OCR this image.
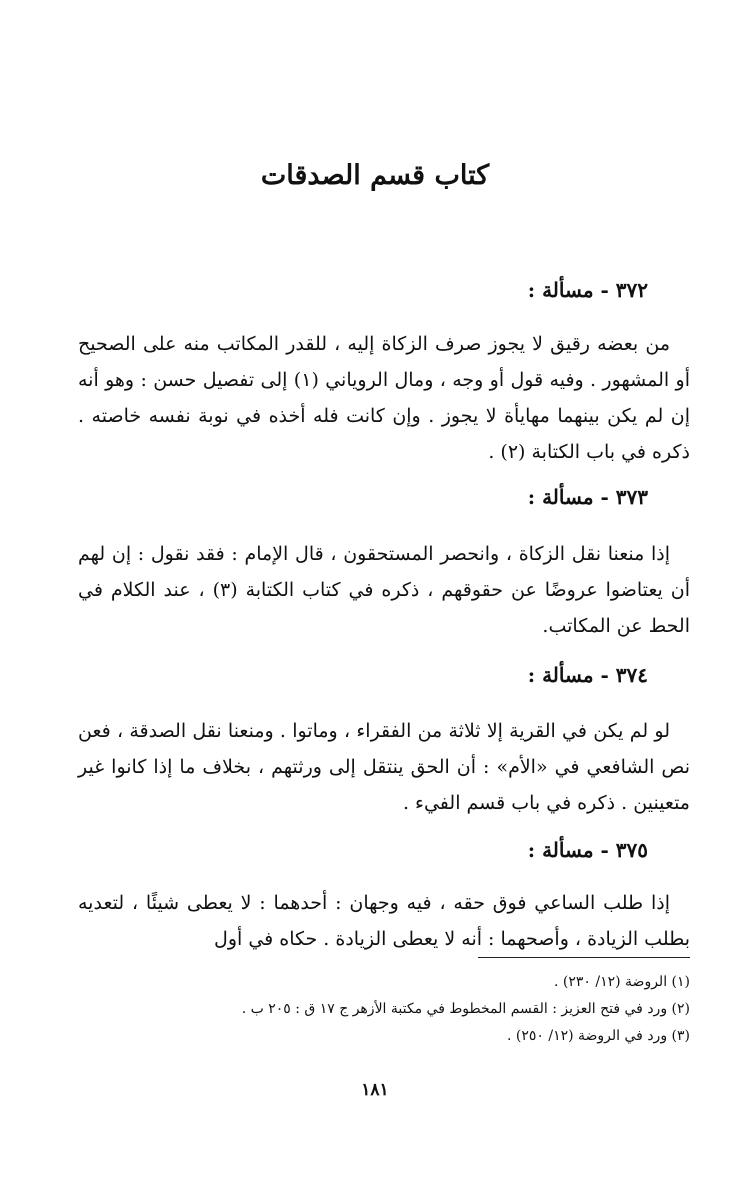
كتاب قسم الصدقات
٣٧٢ - مسألة :

من بعضه رقيق لا يجوز صرف الزكاة إليه ، للقدر المكاتب منه على الصحيح أو المشهور . وفيه قول أو وجه ، ومال الروياني (١) إلى تفصيل حسن : وهو أنه إن لم يكن بينهما مهايأة لا يجوز . وإن كانت فله أخذه في نوبة نفسه خاصته . ذكره في باب الكتابة (٢) .

٣٧٣ - مسألة :

إذا منعنا نقل الزكاة ، وانحصر المستحقون ، قال الإمام : فقد نقول : إن لهم أن يعتاضوا عروضًا عن حقوقهم ، ذكره في كتاب الكتابة (٣) ، عند الكلام في الحط عن المكاتب.

٣٧٤ - مسألة :

لو لم يكن في القرية إلا ثلاثة من الفقراء ، وماتوا . ومنعنا نقل الصدقة ، فعن نص الشافعي في «الأم» : أن الحق ينتقل إلى ورثتهم ، بخلاف ما إذا كانوا غير متعينين . ذكره في باب قسم الفيء .

٣٧٥ - مسألة :

إذا طلب الساعي فوق حقه ، فيه وجهان : أحدهما : لا يعطى شيئًا ، لتعديه بطلب الزيادة ، وأصحهما : أنه لا يعطى الزيادة . حكاه في أول

(١) الروضة (١٢/ ٢٣٠) .

(٢) ورد في فتح العزيز : القسم المخطوط في مكتبة الأزهر ج ١٧ ق : ٢٠٥ ب .

(٣) ورد في الروضة (١٢/ ٢٥٠) .

١٨١
